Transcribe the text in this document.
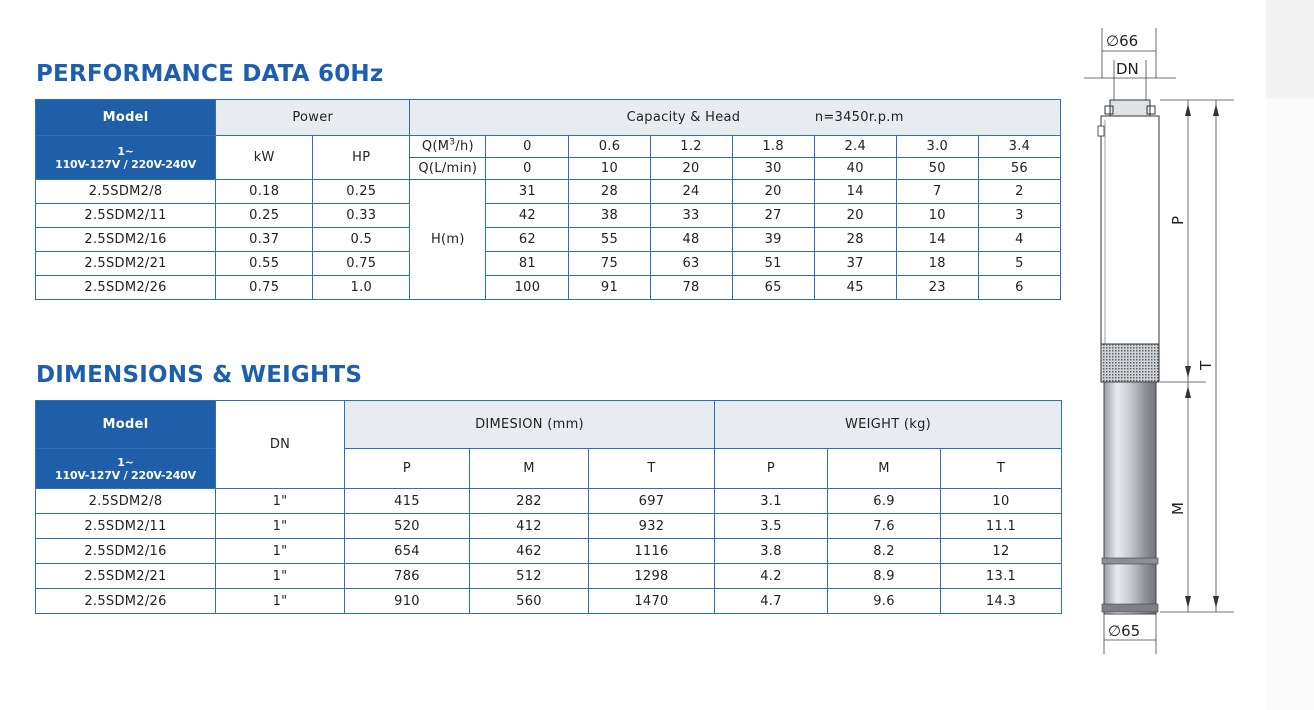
PERFORMANCE DATA 60Hz
Model	Power		Capacity & Head n=3450r.p.m							

1~
110V-127V / 220V-240V	kW	HP	$Q(M^3/h)$	0	0.6	1.2	1.8	2.4	3.0	3.4
			Q(L/min)	0	10	20	30	40	50	56
2.5SDM2/8	0.18	0.25	H(m)	31	28	24	20	14	7	2
2.5SDM2/11	0.25	0.33		42	38	33	27	20	10	3
2.5SDM2/16	0.37	0.5		62	55	48	39	28	14	4
2.5SDM2/21	0.55	0.75		81	75	63	51	37	18	5
2.5SDM2/26	0.75	1.0		100	91	78	65	45	23	6
DIMENSIONS & WEIGHTS
Model	DN	DIMESION (mm)			WEIGHT (kg)		

1~
110V-127V / 220V-240V		P	M	T	P	M	T
2.5SDM2/8	1"	415	282	697	3.1	6.9	10
2.5SDM2/11	1"	520	412	932	3.5	7.6	11.1
2.5SDM2/16	1"	654	462	1116	3.8	8.2	12
2.5SDM2/21	1"	786	512	1298	4.2	8.9	13.1
2.5SDM2/26	1"	910	560	1470	4.7	9.6	14.3
∅66
DN
P
T
M
∅65
